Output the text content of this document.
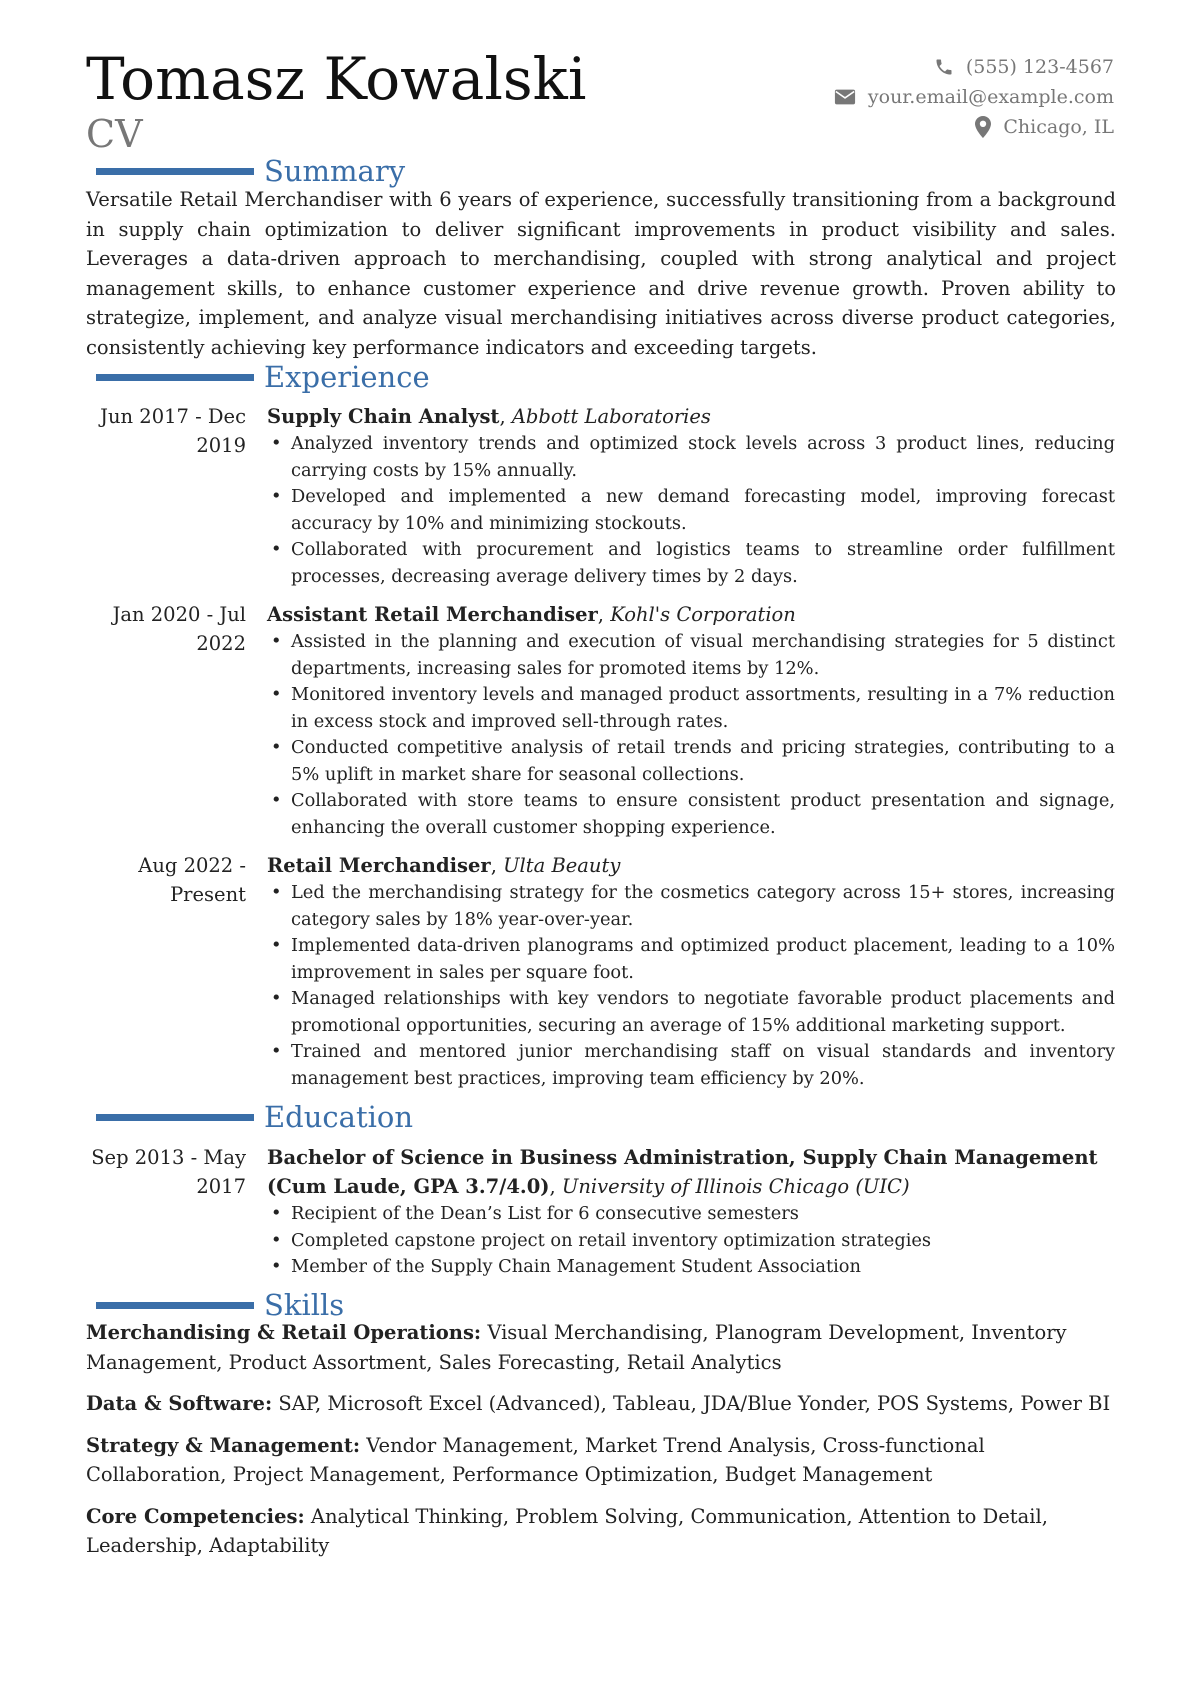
Tomasz Kowalski
CV
(555) 123-4567
your.email@example.com
Chicago, IL
Summary
Versatile Retail Merchandiser with 6 years of experience, successfully transitioning from a background in supply chain optimization to deliver significant improvements in product visibility and sales. Leverages a data-driven approach to merchandising, coupled with strong analytical and project management skills, to enhance customer experience and drive revenue growth. Proven ability to strategize, implement, and analyze visual merchandising initiatives across diverse product categories, consistently achieving key performance indicators and exceeding targets.
Experience
Jun 2017 - Dec 2019
Supply Chain Analyst, Abbott Laboratories
• Analyzed inventory trends and optimized stock levels across 3 product lines, reducing carrying costs by 15% annually.
• Developed and implemented a new demand forecasting model, improving forecast accuracy by 10% and minimizing stockouts.
• Collaborated with procurement and logistics teams to streamline order fulfillment processes, decreasing average delivery times by 2 days.
Jan 2020 - Jul 2022
Assistant Retail Merchandiser, Kohl's Corporation
• Assisted in the planning and execution of visual merchandising strategies for 5 distinct departments, increasing sales for promoted items by 12%.
• Monitored inventory levels and managed product assortments, resulting in a 7% reduction in excess stock and improved sell-through rates.
• Conducted competitive analysis of retail trends and pricing strategies, contributing to a 5% uplift in market share for seasonal collections.
• Collaborated with store teams to ensure consistent product presentation and signage, enhancing the overall customer shopping experience.
Aug 2022 - Present
Retail Merchandiser, Ulta Beauty
• Led the merchandising strategy for the cosmetics category across 15+ stores, increasing category sales by 18% year-over-year.
• Implemented data-driven planograms and optimized product placement, leading to a 10% improvement in sales per square foot.
• Managed relationships with key vendors to negotiate favorable product placements and promotional opportunities, securing an average of 15% additional marketing support.
• Trained and mentored junior merchandising staff on visual standards and inventory management best practices, improving team efficiency by 20%.
Education
Sep 2013 - May 2017
Bachelor of Science in Business Administration, Supply Chain Management (Cum Laude, GPA 3.7/4.0), University of Illinois Chicago (UIC)
• Recipient of the Dean’s List for 6 consecutive semesters
• Completed capstone project on retail inventory optimization strategies
• Member of the Supply Chain Management Student Association
Skills
Merchandising & Retail Operations: Visual Merchandising, Planogram Development, Inventory Management, Product Assortment, Sales Forecasting, Retail Analytics
Data & Software: SAP, Microsoft Excel (Advanced), Tableau, JDA/Blue Yonder, POS Systems, Power BI
Strategy & Management: Vendor Management, Market Trend Analysis, Cross-functional Collaboration, Project Management, Performance Optimization, Budget Management
Core Competencies: Analytical Thinking, Problem Solving, Communication, Attention to Detail, Leadership, Adaptability
